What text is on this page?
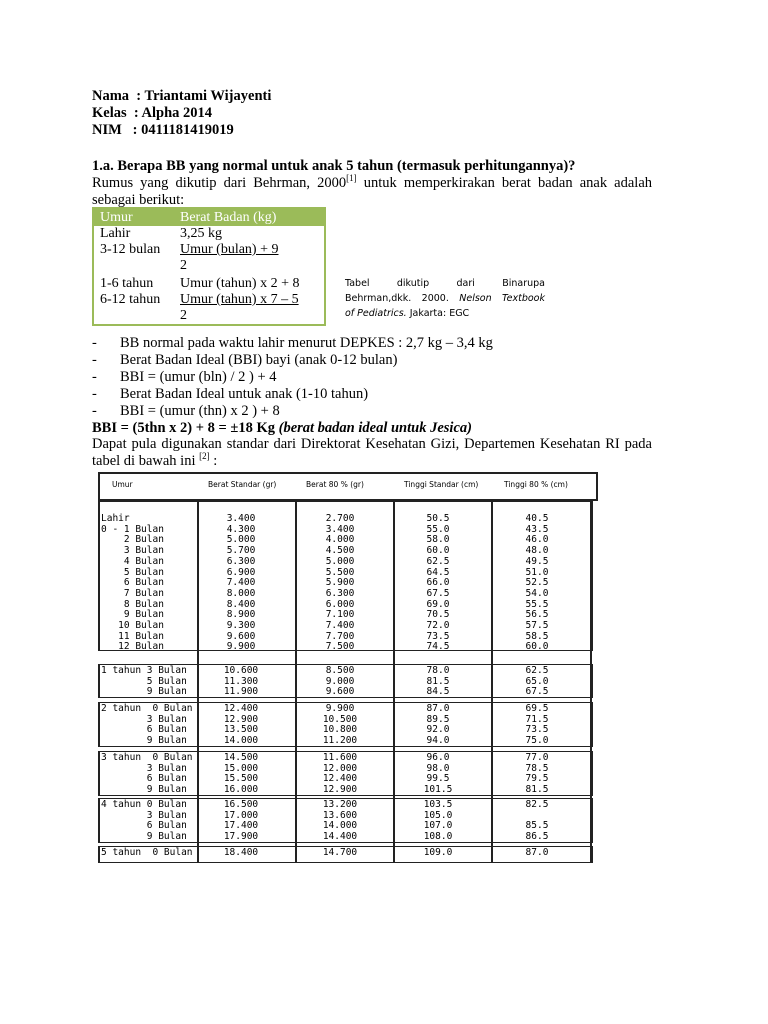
Nama  : Triantami Wijayenti
Kelas  : Alpha 2014
NIM   : 0411181419019
1.a. Berapa BB yang normal untuk anak 5 tahun (termasuk perhitungannya)?
Rumus yang dikutip dari Behrman, 2000[1] untuk memperkirakan berat badan anak adalah sebagai berikut:
Umur	Berat Badan (kg)
Lahir	3,25 kg
3-12 bulan	Umur (bulan) + 9
2
1-6 tahun	Umur (tahun) x 2 + 8
6-12 tahun	Umur (tahun) x 7 – 5
2
Tabel dikutip dari Binarupa
Behrman,dkk. 2000. Nelson Textbook
of Pediatrics. Jakarta: EGC
-	BB normal pada waktu lahir menurut DEPKES : 2,7 kg – 3,4 kg
-	Berat Badan Ideal (BBI) bayi (anak 0-12 bulan)
-	BBI = (umur (bln) / 2 ) + 4
-	Berat Badan Ideal untuk anak (1-10 tahun)
-	BBI = (umur (thn) x 2 ) + 8
BBI = (5thn x 2) + 8 = ±18 Kg (berat badan ideal untuk Jesica)
Dapat pula digunakan standar dari Direktorat Kesehatan Gizi, Departemen Kesehatan RI pada tabel di bawah ini [2] :
Umur	Berat Standar (gr)	Berat 80 % (gr)	Tinggi Standar (cm)	Tinggi 80 % (cm)
Lahir	3.400	2.700	50.5	40.5
0 - 1 Bulan	4.300	3.400	55.0	43.5
2 Bulan	5.000	4.000	58.0	46.0
3 Bulan	5.700	4.500	60.0	48.0
4 Bulan	6.300	5.000	62.5	49.5
5 Bulan	6.900	5.500	64.5	51.0
6 Bulan	7.400	5.900	66.0	52.5
7 Bulan	8.000	6.300	67.5	54.0
8 Bulan	8.400	6.000	69.0	55.5
9 Bulan	8.900	7.100	70.5	56.5
10 Bulan	9.300	7.400	72.0	57.5
11 Bulan	9.600	7.700	73.5	58.5
12 Bulan	9.900	7.500	74.5	60.0
1 tahun 3 Bulan	10.600	8.500	78.0	62.5
5 Bulan	11.300	9.000	81.5	65.0
9 Bulan	11.900	9.600	84.5	67.5
2 tahun  0 Bulan	12.400	9.900	87.0	69.5
3 Bulan	12.900	10.500	89.5	71.5
6 Bulan	13.500	10.800	92.0	73.5
9 Bulan	14.000	11.200	94.0	75.0
3 tahun  0 Bulan	14.500	11.600	96.0	77.0
3 Bulan	15.000	12.000	98.0	78.5
6 Bulan	15.500	12.400	99.5	79.5
9 Bulan	16.000	12.900	101.5	81.5
4 tahun 0 Bulan	16.500	13.200	103.5	82.5
3 Bulan	17.000	13.600	105.0
6 Bulan	17.400	14.000	107.0	85.5
9 Bulan	17.900	14.400	108.0	86.5
5 tahun  0 Bulan	18.400	14.700	109.0	87.0
